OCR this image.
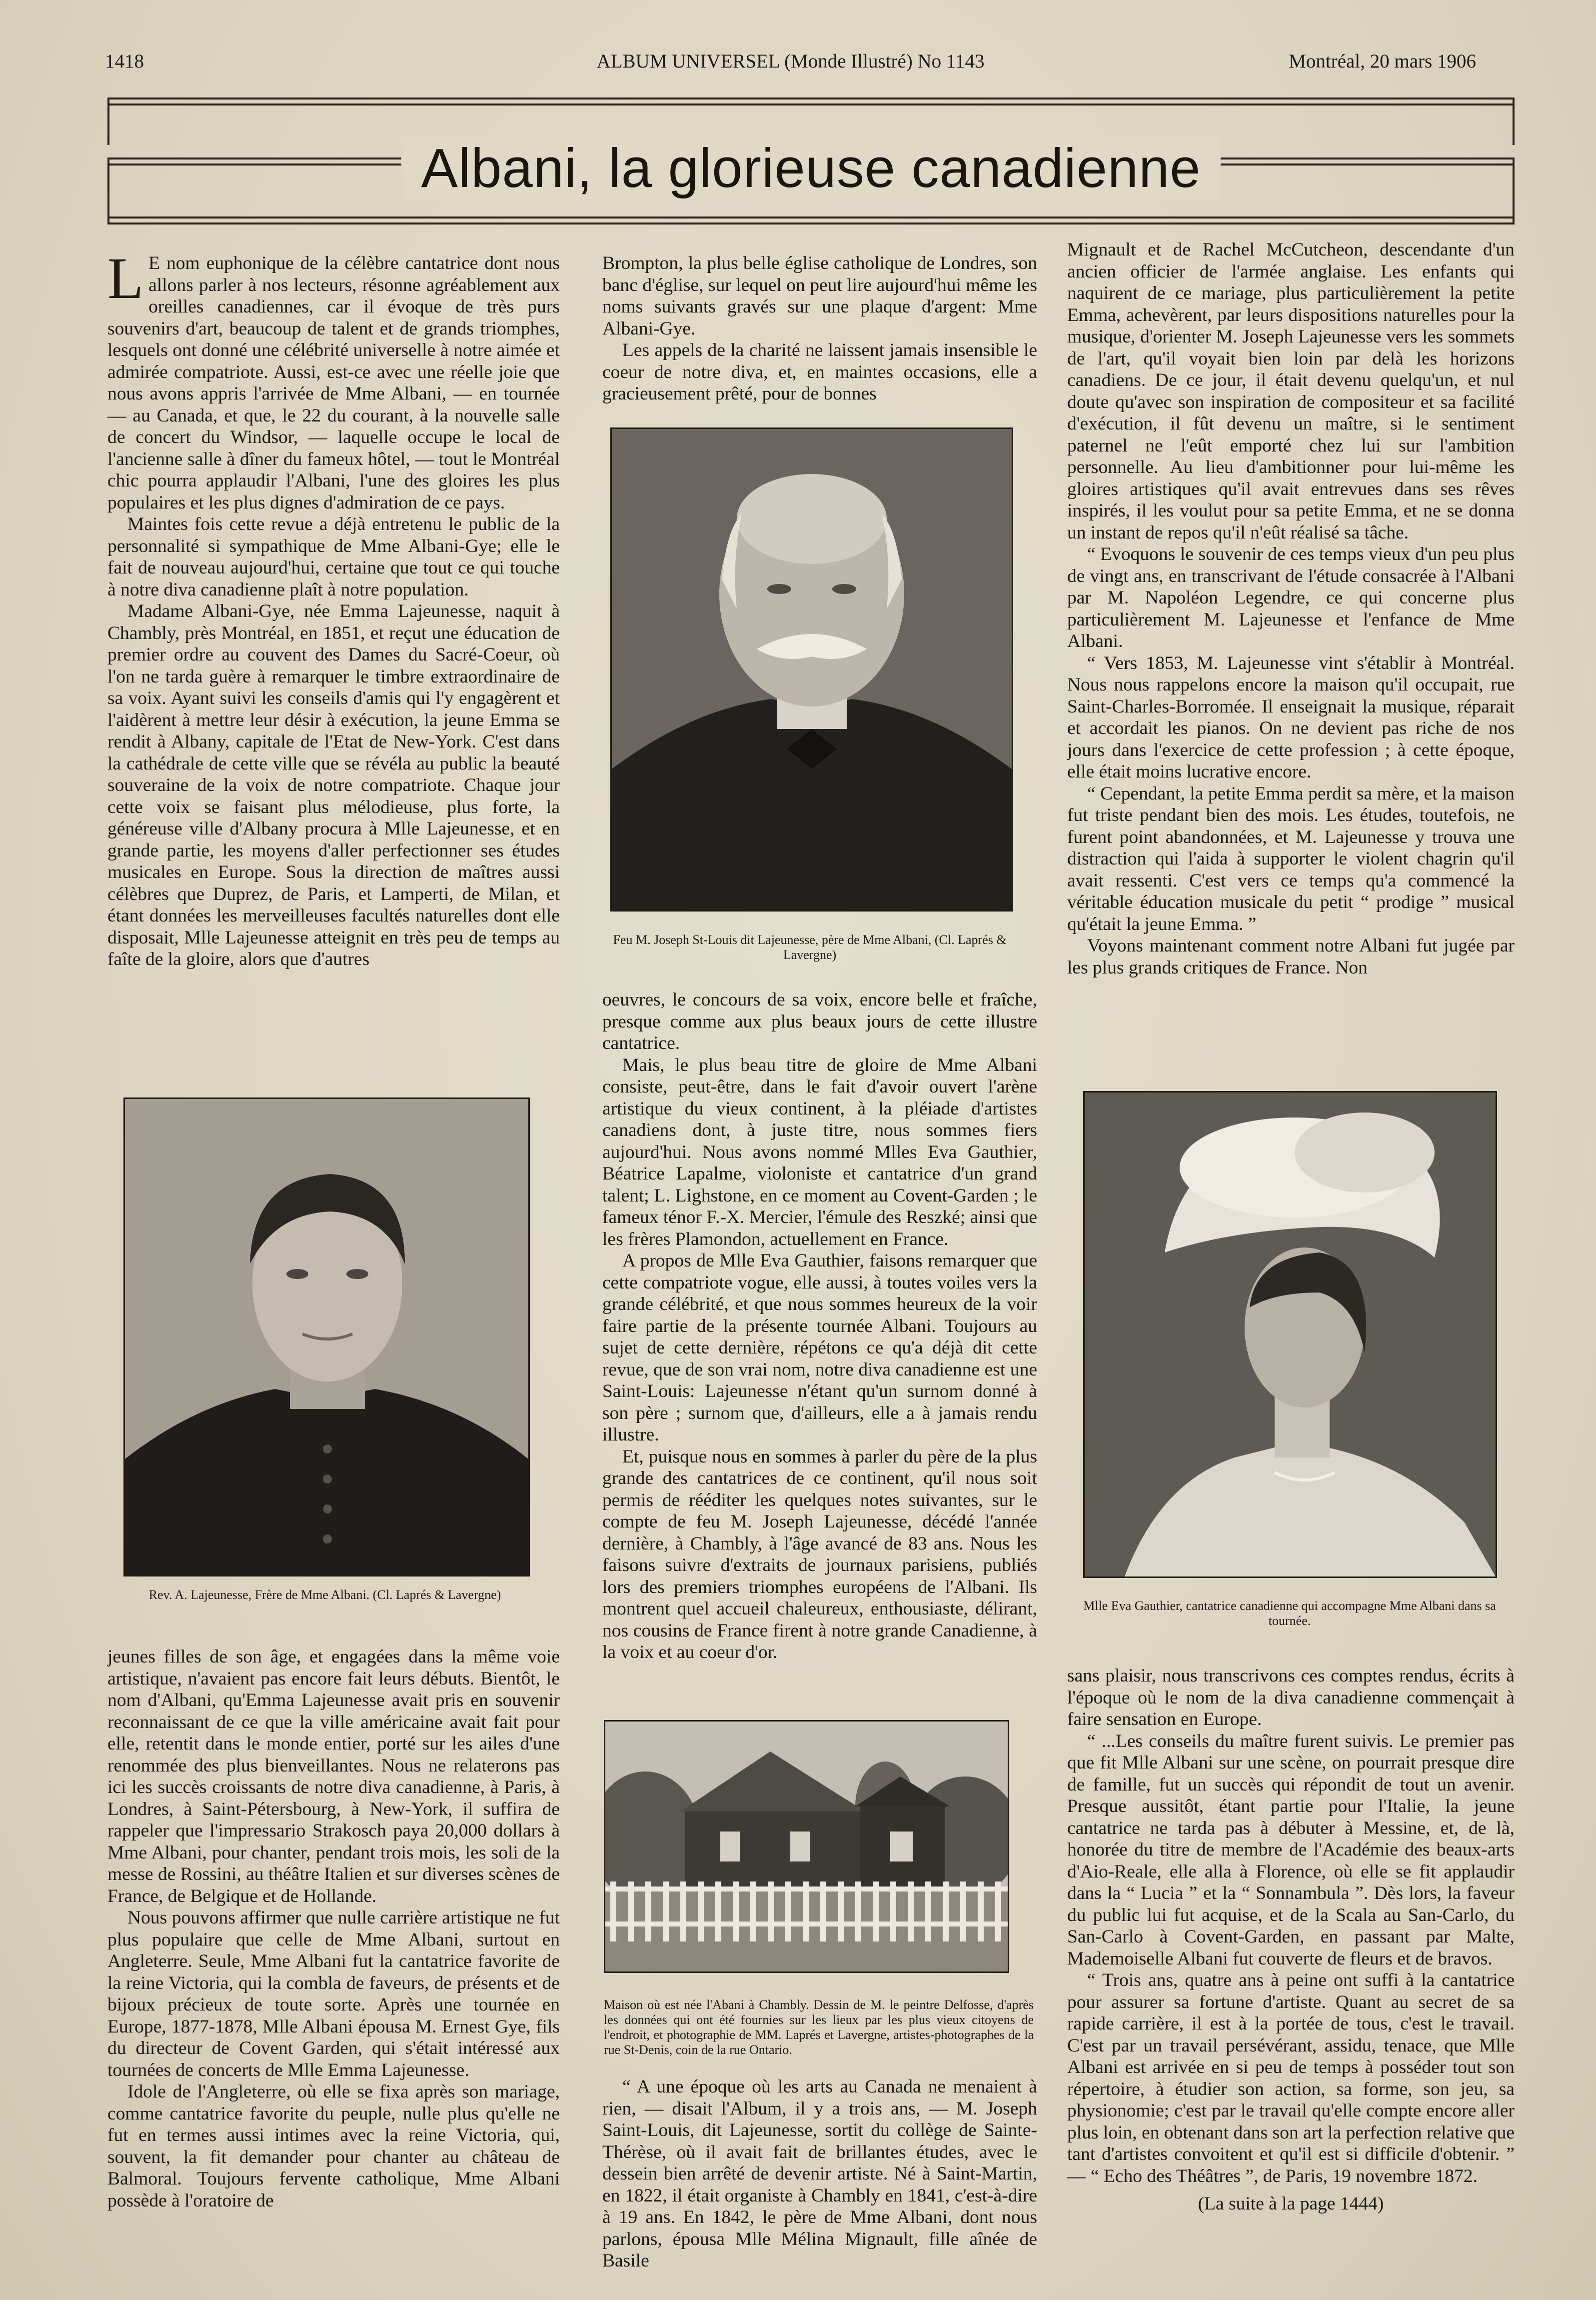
1418	ALBUM UNIVERSEL (Monde Illustré) No 1143	Montréal, 20 mars 1906
Albani, la glorieuse canadienne
L E nom euphonique de la célèbre cantatrice dont nous allons parler à nos lecteurs, résonne agréablement aux oreilles canadiennes, car il évoque de très purs souvenirs d'art, beaucoup de talent et de grands triomphes, lesquels ont donné une célébrité universelle à notre aimée et admirée compatriote. Aussi, est-ce avec une réelle joie que nous avons appris l'arrivée de Mme Albani, — en tournée — au Canada, et que, le 22 du courant, à la nouvelle salle de concert du Windsor, — laquelle occupe le local de l'ancienne salle à dîner du fameux hôtel, — tout le Montréal chic pourra applaudir l'Albani, l'une des gloires les plus populaires et les plus dignes d'admiration de ce pays.

Maintes fois cette revue a déjà entretenu le public de la personnalité si sympathique de Mme Albani-Gye; elle le fait de nouveau aujourd'hui, certaine que tout ce qui touche à notre diva canadienne plaît à notre population.

Madame Albani-Gye, née Emma Lajeunesse, naquit à Chambly, près Montréal, en 1851, et reçut une éducation de premier ordre au couvent des Dames du Sacré-Coeur, où l'on ne tarda guère à remarquer le timbre extraordinaire de sa voix. Ayant suivi les conseils d'amis qui l'y engagèrent et l'aidèrent à mettre leur désir à exécution, la jeune Emma se rendit à Albany, capitale de l'Etat de New-York. C'est dans la cathédrale de cette ville que se révéla au public la beauté souveraine de la voix de notre compatriote. Chaque jour cette voix se faisant plus mélodieuse, plus forte, la généreuse ville d'Albany procura à Mlle Lajeunesse, et en grande partie, les moyens d'aller perfectionner ses études musicales en Europe. Sous la direction de maîtres aussi célèbres que Duprez, de Paris, et Lamperti, de Milan, et étant données les merveilleuses facultés naturelles dont elle disposait, Mlle Lajeunesse atteignit en très peu de temps au faîte de la gloire, alors que d'autres

Rev. A. Lajeunesse, Frère de Mme Albani. (Cl. Laprés & Lavergne)

jeunes filles de son âge, et engagées dans la même voie artistique, n'avaient pas encore fait leurs débuts. Bientôt, le nom d'Albani, qu'Emma Lajeunesse avait pris en souvenir reconnaissant de ce que la ville américaine avait fait pour elle, retentit dans le monde entier, porté sur les ailes d'une renommée des plus bienveillantes. Nous ne relaterons pas ici les succès croissants de notre diva canadienne, à Paris, à Londres, à Saint-Pétersbourg, à New-York, il suffira de rappeler que l'impressario Strakosch paya 20,000 dollars à Mme Albani, pour chanter, pendant trois mois, les soli de la messe de Rossini, au théâtre Italien et sur diverses scènes de France, de Belgique et de Hollande.

Nous pouvons affirmer que nulle carrière artistique ne fut plus populaire que celle de Mme Albani, surtout en Angleterre. Seule, Mme Albani fut la cantatrice favorite de la reine Victoria, qui la combla de faveurs, de présents et de bijoux précieux de toute sorte. Après une tournée en Europe, 1877-1878, Mlle Albani épousa M. Ernest Gye, fils du directeur de Covent Garden, qui s'était intéressé aux tournées de concerts de Mlle Emma Lajeunesse.

Idole de l'Angleterre, où elle se fixa après son mariage, comme cantatrice favorite du peuple, nulle plus qu'elle ne fut en termes aussi intimes avec la reine Victoria, qui, souvent, la fit demander pour chanter au château de Balmoral. Toujours fervente catholique, Mme Albani possède à l'oratoire de

Brompton, la plus belle église catholique de Londres, son banc d'église, sur lequel on peut lire aujourd'hui même les noms suivants gravés sur une plaque d'argent: Mme Albani-Gye.

Les appels de la charité ne laissent jamais insensible le coeur de notre diva, et, en maintes occasions, elle a gracieusement prêté, pour de bonnes

Feu M. Joseph St-Louis dit Lajeunesse, père de Mme Albani, (Cl. Laprés & Lavergne)

oeuvres, le concours de sa voix, encore belle et fraîche, presque comme aux plus beaux jours de cette illustre cantatrice.

Mais, le plus beau titre de gloire de Mme Albani consiste, peut-être, dans le fait d'avoir ouvert l'arène artistique du vieux continent, à la pléiade d'artistes canadiens dont, à juste titre, nous sommes fiers aujourd'hui. Nous avons nommé Mlles Eva Gauthier, Béatrice Lapalme, violoniste et cantatrice d'un grand talent; L. Lighstone, en ce moment au Covent-Garden ; le fameux ténor F.-X. Mercier, l'émule des Reszké; ainsi que les frères Plamondon, actuellement en France.

A propos de Mlle Eva Gauthier, faisons remarquer que cette compatriote vogue, elle aussi, à toutes voiles vers la grande célébrité, et que nous sommes heureux de la voir faire partie de la présente tournée Albani. Toujours au sujet de cette dernière, répétons ce qu'a déjà dit cette revue, que de son vrai nom, notre diva canadienne est une Saint-Louis: Lajeunesse n'étant qu'un surnom donné à son père ; surnom que, d'ailleurs, elle a à jamais rendu illustre.

Et, puisque nous en sommes à parler du père de la plus grande des cantatrices de ce continent, qu'il nous soit permis de rééditer les quelques notes suivantes, sur le compte de feu M. Joseph Lajeunesse, décédé l'année dernière, à Chambly, à l'âge avancé de 83 ans. Nous les faisons suivre d'extraits de journaux parisiens, publiés lors des premiers triomphes européens de l'Albani. Ils montrent quel accueil chaleureux, enthousiaste, délirant, nos cousins de France firent à notre grande Canadienne, à la voix et au coeur d'or.

Maison où est née l'Abani à Chambly. Dessin de M. le peintre Delfosse, d'après les données qui ont été fournies sur les lieux par les plus vieux citoyens de l'endroit, et photographie de MM. Laprés et Lavergne, artistes-photographes de la rue St-Denis, coin de la rue Ontario.

“ A une époque où les arts au Canada ne menaient à rien, — disait l'Album, il y a trois ans, — M. Joseph Saint-Louis, dit Lajeunesse, sortit du collège de Sainte-Thérèse, où il avait fait de brillantes études, avec le dessein bien arrêté de devenir artiste. Né à Saint-Martin, en 1822, il était organiste à Chambly en 1841, c'est-à-dire à 19 ans. En 1842, le père de Mme Albani, dont nous parlons, épousa Mlle Mélina Mignault, fille aînée de Basile

Mignault et de Rachel McCutcheon, descendante d'un ancien officier de l'armée anglaise. Les enfants qui naquirent de ce mariage, plus particulièrement la petite Emma, achevèrent, par leurs dispositions naturelles pour la musique, d'orienter M. Joseph Lajeunesse vers les sommets de l'art, qu'il voyait bien loin par delà les horizons canadiens. De ce jour, il était devenu quelqu'un, et nul doute qu'avec son inspiration de compositeur et sa facilité d'exécution, il fût devenu un maître, si le sentiment paternel ne l'eût emporté chez lui sur l'ambition personnelle. Au lieu d'ambitionner pour lui-même les gloires artistiques qu'il avait entrevues dans ses rêves inspirés, il les voulut pour sa petite Emma, et ne se donna un instant de repos qu'il n'eût réalisé sa tâche.

“ Evoquons le souvenir de ces temps vieux d'un peu plus de vingt ans, en transcrivant de l'étude consacrée à l'Albani par M. Napoléon Legendre, ce qui concerne plus particulièrement M. Lajeunesse et l'enfance de Mme Albani.

“ Vers 1853, M. Lajeunesse vint s'établir à Montréal. Nous nous rappelons encore la maison qu'il occupait, rue Saint-Charles-Borromée. Il enseignait la musique, réparait et accordait les pianos. On ne devient pas riche de nos jours dans l'exercice de cette profession ; à cette époque, elle était moins lucrative encore.

“ Cependant, la petite Emma perdit sa mère, et la maison fut triste pendant bien des mois. Les études, toutefois, ne furent point abandonnées, et M. Lajeunesse y trouva une distraction qui l'aida à supporter le violent chagrin qu'il avait ressenti. C'est vers ce temps qu'a commencé la véritable éducation musicale du petit “ prodige ” musical qu'était la jeune Emma. ”

Voyons maintenant comment notre Albani fut jugée par les plus grands critiques de France. Non

Mlle Eva Gauthier, cantatrice canadienne qui accompagne Mme Albani dans sa tournée.

sans plaisir, nous transcrivons ces comptes rendus, écrits à l'époque où le nom de la diva canadienne commençait à faire sensation en Europe.

“ ...Les conseils du maître furent suivis. Le premier pas que fit Mlle Albani sur une scène, on pourrait presque dire de famille, fut un succès qui répondit de tout un avenir. Presque aussitôt, étant partie pour l'Italie, la jeune cantatrice ne tarda pas à débuter à Messine, et, de là, honorée du titre de membre de l'Académie des beaux-arts d'Aio-Reale, elle alla à Florence, où elle se fit applaudir dans la “ Lucia ” et la “ Sonnambula ”. Dès lors, la faveur du public lui fut acquise, et de la Scala au San-Carlo, du San-Carlo à Covent-Garden, en passant par Malte, Mademoiselle Albani fut couverte de fleurs et de bravos.

“ Trois ans, quatre ans à peine ont suffi à la cantatrice pour assurer sa fortune d'artiste. Quant au secret de sa rapide carrière, il est à la portée de tous, c'est le travail. C'est par un travail persévérant, assidu, tenace, que Mlle Albani est arrivée en si peu de temps à posséder tout son répertoire, à étudier son action, sa forme, son jeu, sa physionomie; c'est par le travail qu'elle compte encore aller plus loin, en obtenant dans son art la perfection relative que tant d'artistes convoitent et qu'il est si difficile d'obtenir. ” — “ Echo des Théâtres ”, de Paris, 19 novembre 1872.

(La suite à la page 1444)
